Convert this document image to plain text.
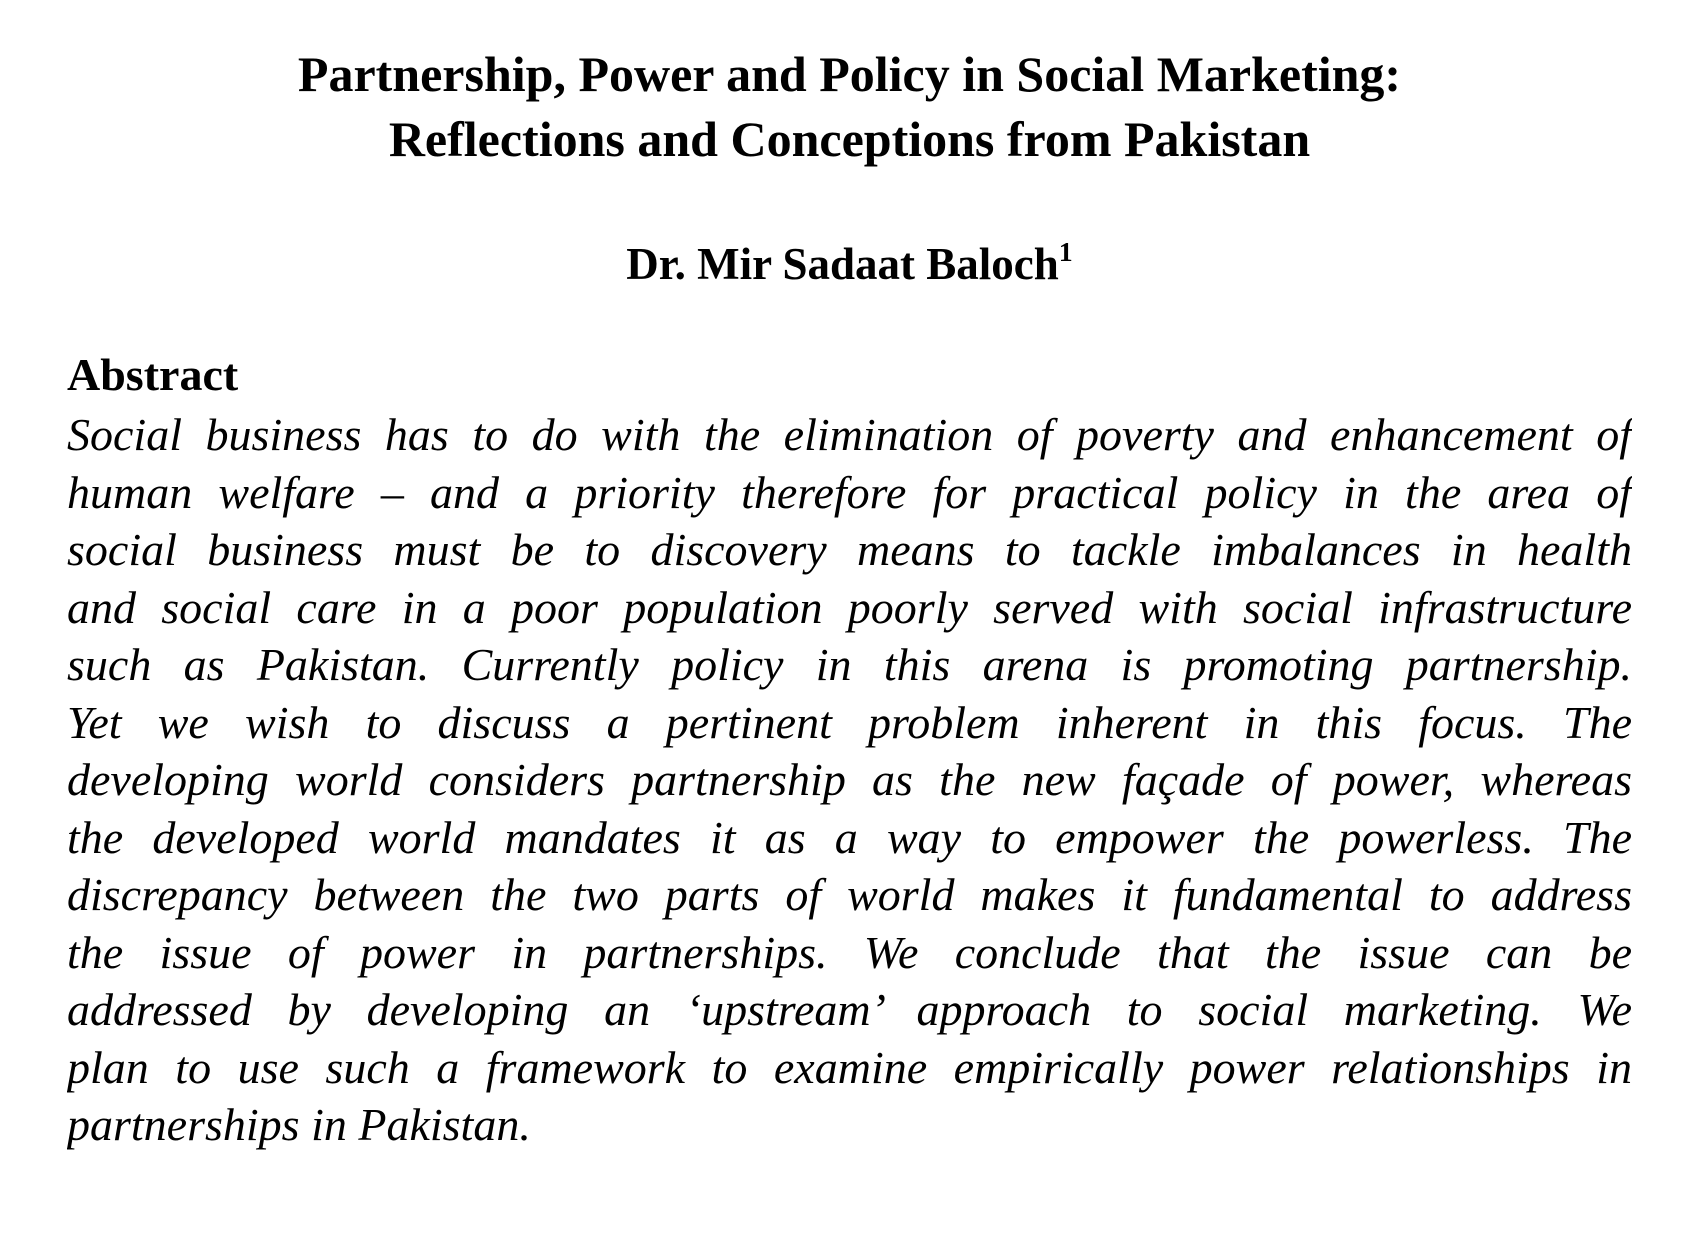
Partnership, Power and Policy in Social Marketing:
Reflections and Conceptions from Pakistan
Dr. Mir Sadaat Baloch$^1$
Abstract
Social business has to do with the elimination of poverty and enhancement of
human welfare – and a priority therefore for practical policy in the area of
social business must be to discovery means to tackle imbalances in health
and social care in a poor population poorly served with social infrastructure
such as Pakistan. Currently policy in this arena is promoting partnership.
Yet we wish to discuss a pertinent problem inherent in this focus. The
developing world considers partnership as the new façade of power, whereas
the developed world mandates it as a way to empower the powerless. The
discrepancy between the two parts of world makes it fundamental to address
the issue of power in partnerships. We conclude that the issue can be
addressed by developing an ‘upstream’ approach to social marketing. We
plan to use such a framework to examine empirically power relationships in
partnerships in Pakistan.
